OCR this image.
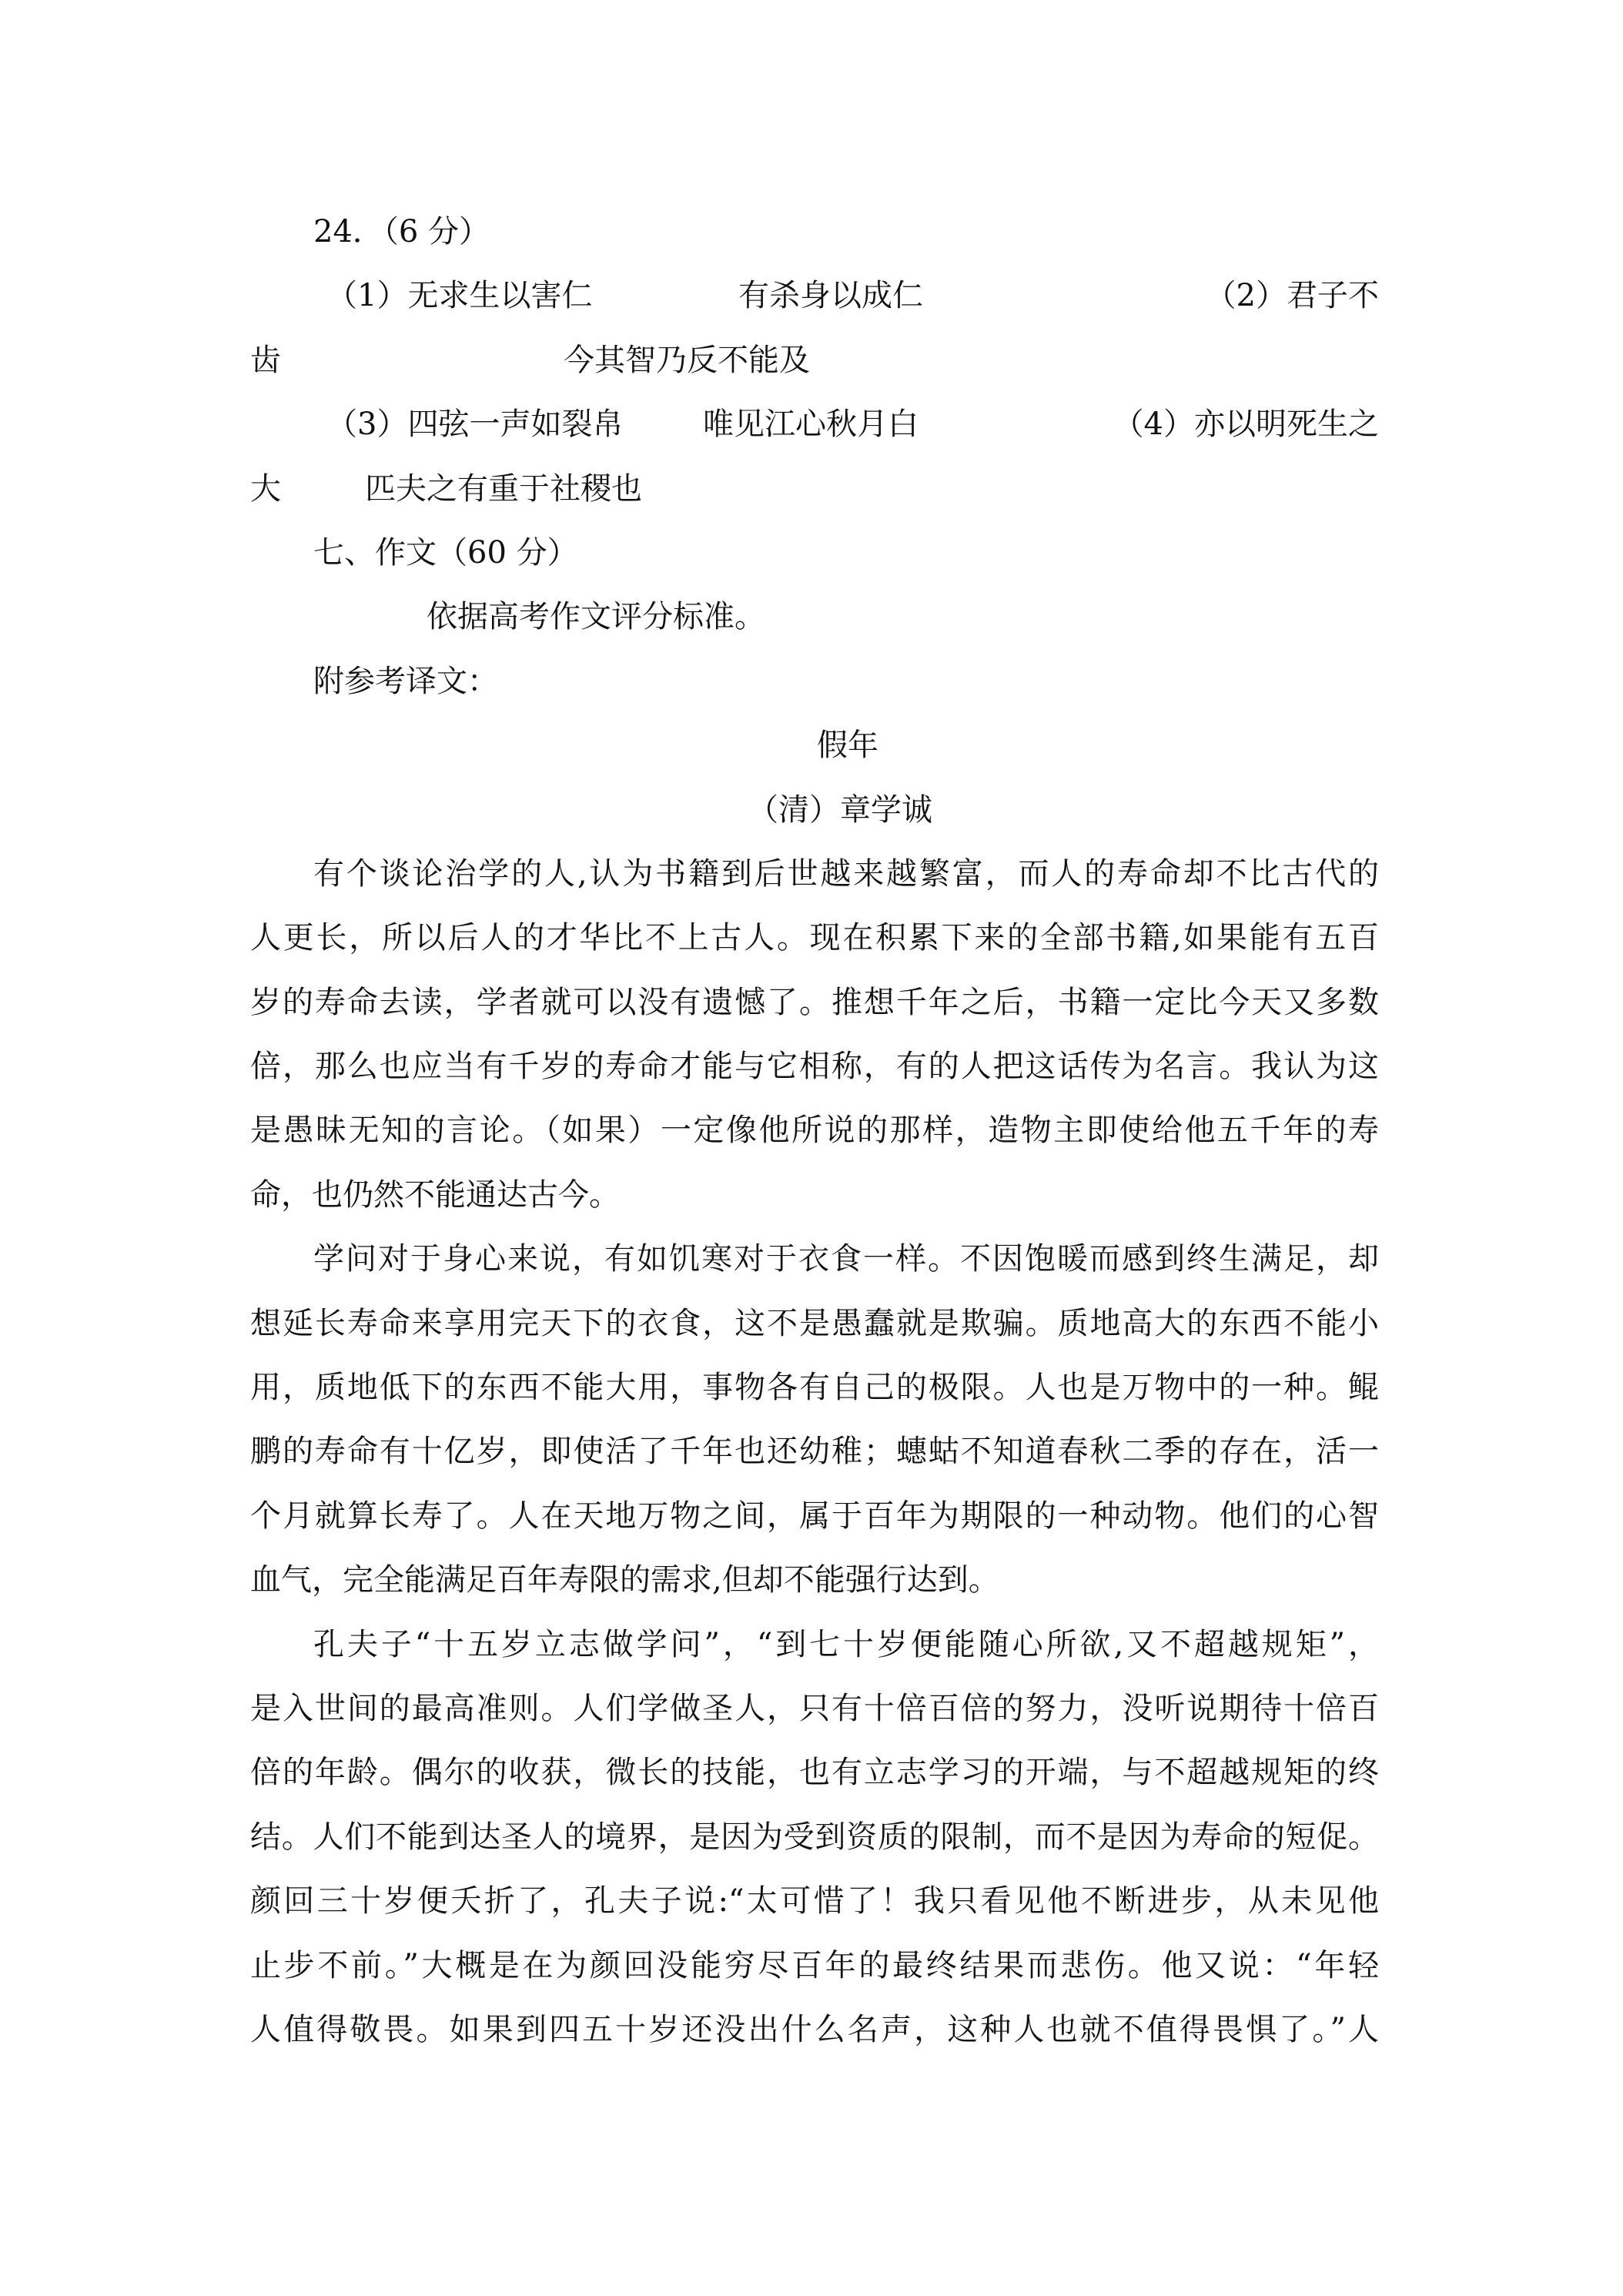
24．（6 分）
（1）无求生以害仁	有杀身以成仁	（2）君子不
齿	今其智乃反不能及
（3）四弦一声如裂帛	唯见江心秋月白	（4）亦以明死生之
大	匹夫之有重于社稷也
七、作文（60 分）
依据高考作文评分标准。
附参考译文：
假年
（清）章学诚
有个谈论治学的人,认为书籍到后世越来越繁富，而人的寿命却不比古代的
人更长，所以后人的才华比不上古人。现在积累下来的全部书籍,如果能有五百
岁的寿命去读，学者就可以没有遗憾了。推想千年之后，书籍一定比今天又多数
倍，那么也应当有千岁的寿命才能与它相称，有的人把这话传为名言。我认为这
是愚昧无知的言论。（如果）一定像他所说的那样，造物主即使给他五千年的寿
命，也仍然不能通达古今。
学问对于身心来说，有如饥寒对于衣食一样。不因饱暖而感到终生满足，却
想延长寿命来享用完天下的衣食，这不是愚蠢就是欺骗。质地高大的东西不能小
用，质地低下的东西不能大用，事物各有自己的极限。人也是万物中的一种。鲲
鹏的寿命有十亿岁，即使活了千年也还幼稚；蟪蛄不知道春秋二季的存在，活一
个月就算长寿了。人在天地万物之间，属于百年为期限的一种动物。他们的心智
血气，完全能满足百年寿限的需求,但却不能强行达到。
孔夫子“十五岁立志做学问”，“到七十岁便能随心所欲,又不超越规矩”，
是入世间的最高准则。人们学做圣人，只有十倍百倍的努力，没听说期待十倍百
倍的年龄。偶尔的收获，微长的技能，也有立志学习的开端，与不超越规矩的终
结。人们不能到达圣人的境界，是因为受到资质的限制，而不是因为寿命的短促。
颜回三十岁便夭折了，孔夫子说:“太可惜了！我只看见他不断进步，从未见他
止步不前。”大概是在为颜回没能穷尽百年的最终结果而悲伤。他又说：“年轻
人值得敬畏。如果到四五十岁还没出什么名声，这种人也就不值得畏惧了。”人
